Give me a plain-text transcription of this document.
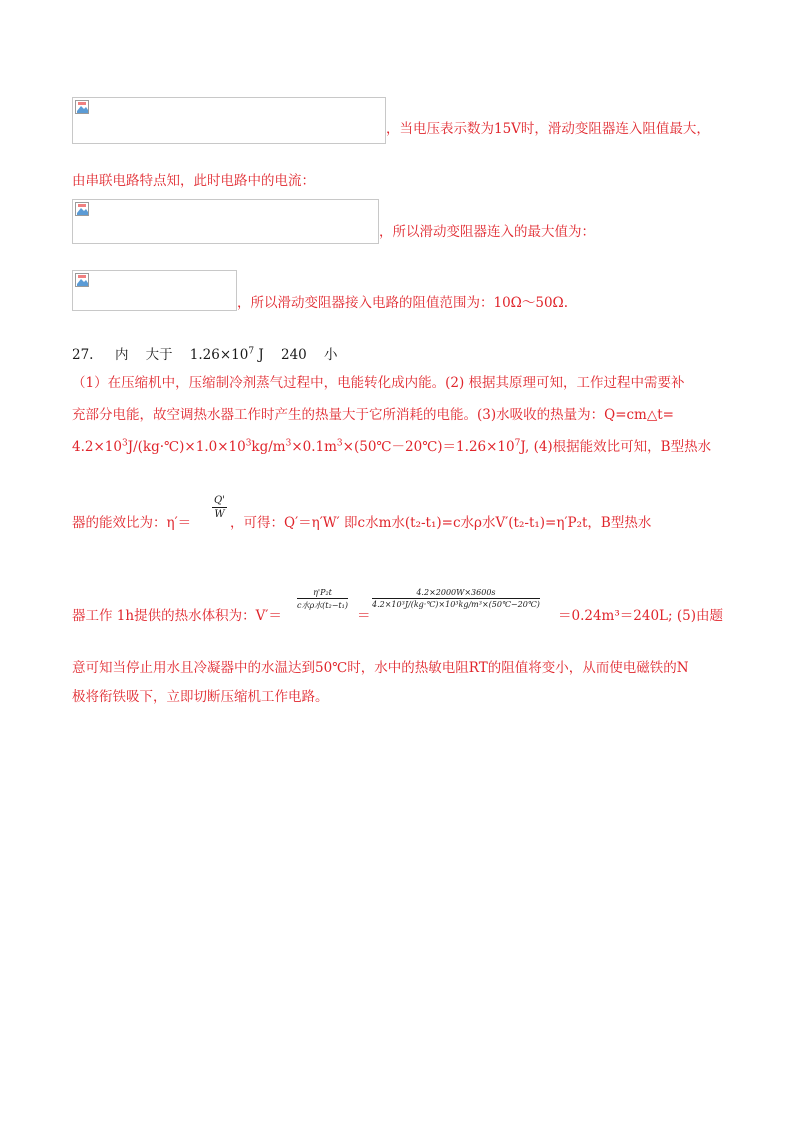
，当电压表示数为15V时，滑动变阻器连入阻值最大，
由串联电路特点知，此时电路中的电流：
，所以滑动变阻器连入的最大值为：
，所以滑动变阻器接入电路的阻值范围为：10Ω～50Ω.
27. 内 大于 $1.26\times 10^7$ J 240 小
（1）在压缩机中，压缩制冷剂蒸气过程中，电能转化成内能。(2) 根据其原理可知，工作过程中需要补
充部分电能，故空调热水器工作时产生的热量大于它所消耗的电能。(3)水吸收的热量为：Q=cm△t=
$4.2\times 10^3J/(kg\cdot℃)\times 1.0\times 10^3kg/m^3\times 0.1m^3\times(50℃-20℃)=1.26\times 10^7J$, (4)根据能效比可知，B型热水
$\frac{Q'}{W}$
器的能效比为：η′＝	，可得：Q′＝η′W′ 即c水m水(t₂-t₁)=c水ρ水V′(t₂-t₁)=η′P₂t，B型热水
η'P₂t
c水ρ水(t₂−t₁)	$\frac{4.2\times 2000W\times 3600s}{\text{4.2×10³J/(kg·℃)×10³kg/m³×(50℃−20℃)}}$
器工作 1h提供的热水体积为：V′＝	＝	＝0.24m³＝240L; (5)由题
意可知当停止用水且冷凝器中的水温达到50℃时，水中的热敏电阻RT的阻值将变小，从而使电磁铁的N
极将衔铁吸下，立即切断压缩机工作电路。
